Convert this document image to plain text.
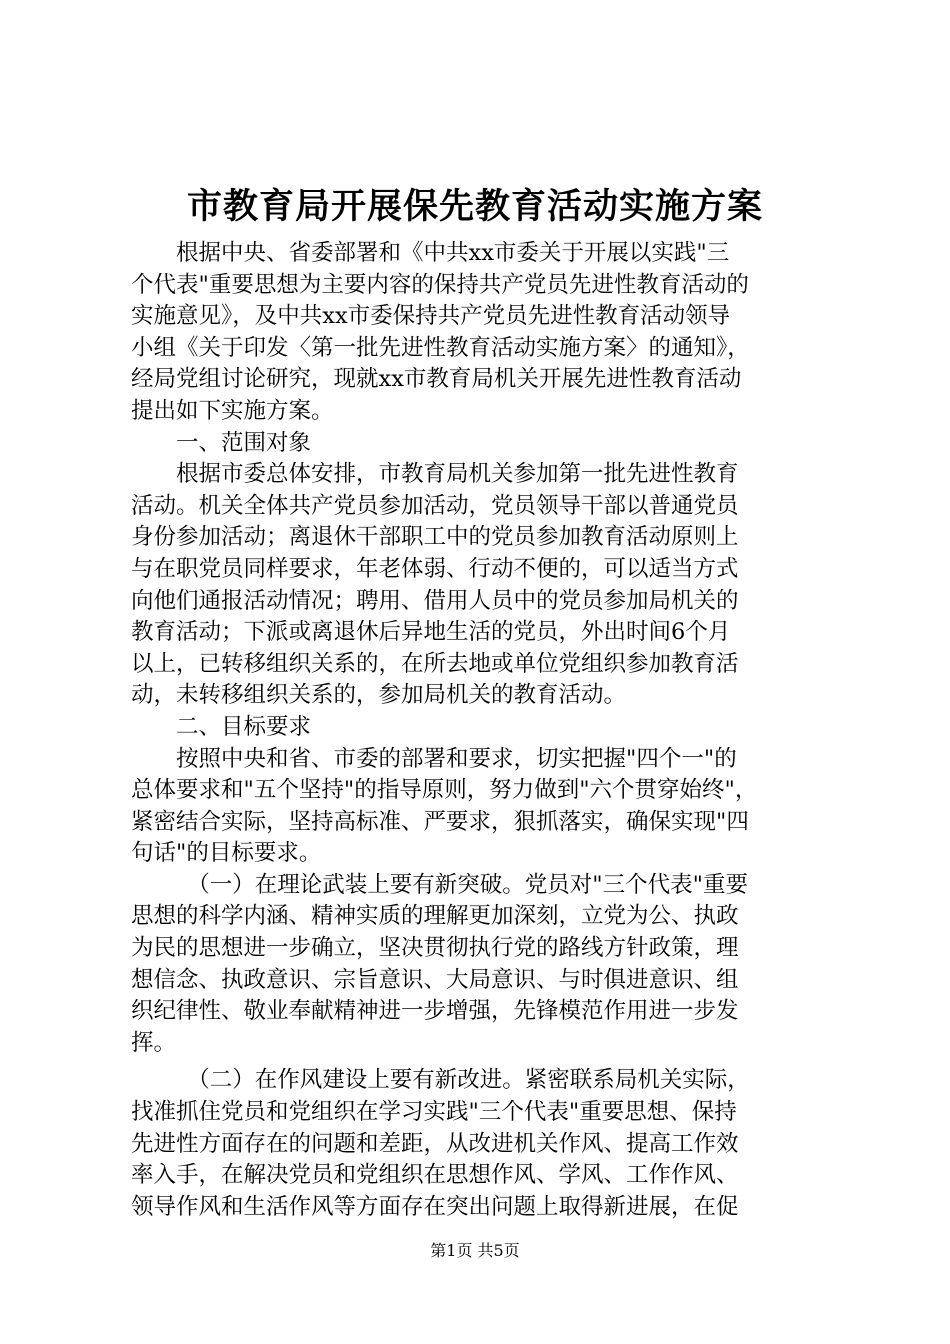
市教育局开展保先教育活动实施方案

根据中央、省委部署和《中共xx市委关于开展以实践"三
个代表"重要思想为主要内容的保持共产党员先进性教育活动的
实施意见》，及中共xx市委保持共产党员先进性教育活动领导
小组《关于印发〈第一批先进性教育活动实施方案〉的通知》，
经局党组讨论研究，现就xx市教育局机关开展先进性教育活动
提出如下实施方案。

一、范围对象

根据市委总体安排，市教育局机关参加第一批先进性教育
活动。机关全体共产党员参加活动，党员领导干部以普通党员
身份参加活动；离退休干部职工中的党员参加教育活动原则上
与在职党员同样要求，年老体弱、行动不便的，可以适当方式
向他们通报活动情况；聘用、借用人员中的党员参加局机关的
教育活动；下派或离退休后异地生活的党员，外出时间6个月
以上，已转移组织关系的，在所去地或单位党组织参加教育活
动，未转移组织关系的，参加局机关的教育活动。

二、目标要求

按照中央和省、市委的部署和要求，切实把握"四个一"的
总体要求和"五个坚持"的指导原则，努力做到"六个贯穿始终"，
紧密结合实际，坚持高标准、严要求，狠抓落实，确保实现"四
句话"的目标要求。

（一）在理论武装上要有新突破。党员对"三个代表"重要
思想的科学内涵、精神实质的理解更加深刻，立党为公、执政
为民的思想进一步确立，坚决贯彻执行党的路线方针政策，理
想信念、执政意识、宗旨意识、大局意识、与时俱进意识、组
织纪律性、敬业奉献精神进一步增强，先锋模范作用进一步发
挥。

（二）在作风建设上要有新改进。紧密联系局机关实际，
找准抓住党员和党组织在学习实践"三个代表"重要思想、保持
先进性方面存在的问题和差距，从改进机关作风、提高工作效
率入手，在解决党员和党组织在思想作风、学风、工作作风、
领导作风和生活作风等方面存在突出问题上取得新进展，在促

第1页 共5页
